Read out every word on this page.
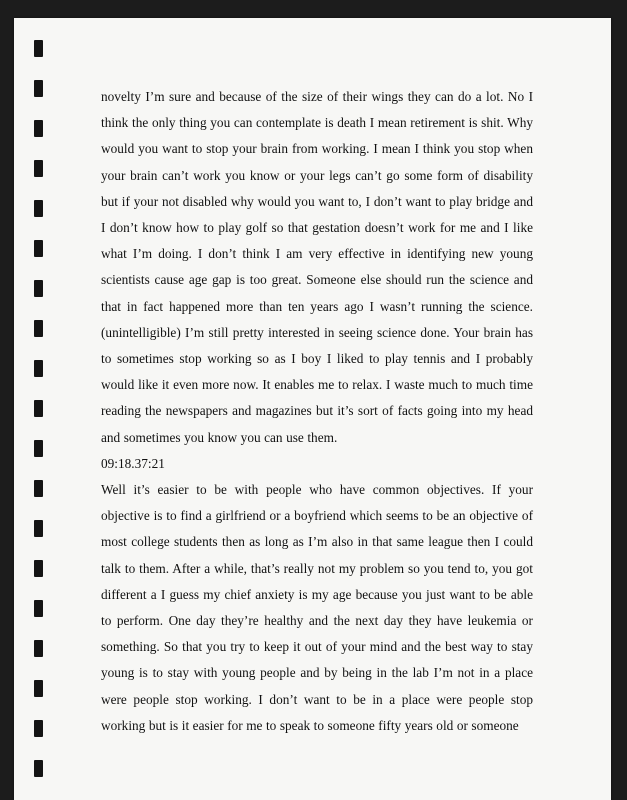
novelty I’m sure and because of the size of their wings they can do a lot. No I think the only thing you can contemplate is death I mean retirement is shit. Why would you want to stop your brain from working. I mean I think you stop when your brain can’t work you know or your legs can’t go some form of disability but if your not disabled why would you want to, I don’t want to play bridge and I don’t know how to play golf so that gestation doesn’t work for me and I like what I’m doing. I don’t think I am very effective in identifying new young scientists cause age gap is too great. Someone else should run the science and that in fact happened more than ten years ago I wasn’t running the science. (unintelligible) I’m still pretty interested in seeing science done. Your brain has to sometimes stop working so as I boy I liked to play tennis and I probably would like it even more now. It enables me to relax. I waste much to much time reading the newspapers and magazines but it’s sort of facts going into my head and sometimes you know you can use them.

09:18.37:21

Well it’s easier to be with people who have common objectives. If your objective is to find a girlfriend or a boyfriend which seems to be an objective of most college students then as long as I’m also in that same league then I could talk to them. After a while, that’s really not my problem so you tend to, you got different a I guess my chief anxiety is my age because you just want to be able to perform. One day they’re healthy and the next day they have leukemia or something. So that you try to keep it out of your mind and the best way to stay young is to stay with young people and by being in the lab I’m not in a place were people stop working. I don’t want to be in a place were people stop working but is it easier for me to speak to someone fifty years old or someone
